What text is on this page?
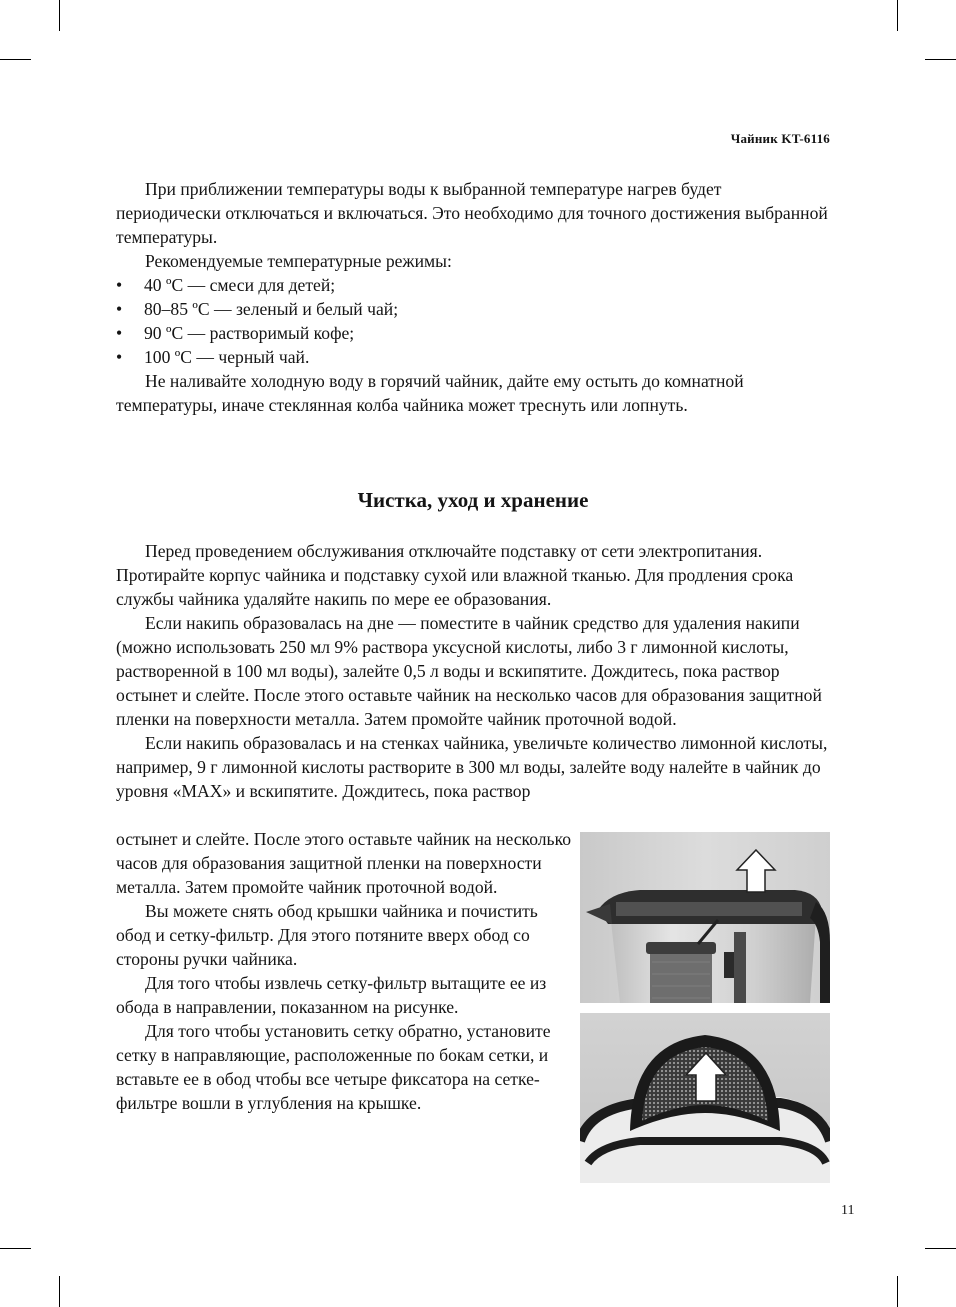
Чайник KT-6116

При приближении температуры воды к выбранной температуре нагрев будет периодически отключаться и включаться. Это необходимо для точного достижения выбранной температуры.

Рекомендуемые температурные режимы:

• 40 ºС — смеси для детей;
• 80–85 ºС — зеленый и белый чай;
• 90 ºС — растворимый кофе;
• 100 ºС — черный чай.

Не наливайте холодную воду в горячий чайник, дайте ему остыть до комнатной температуры, иначе стеклянная колба чайника может треснуть или лопнуть.

Чистка, уход и хранение

Перед проведением обслуживания отключайте подставку от сети электропитания. Протирайте корпус чайника и подставку сухой или влажной тканью. Для продления срока службы чайника удаляйте накипь по мере ее образования.

Если накипь образовалась на дне — поместите в чайник средство для удаления накипи (можно использовать 250 мл 9% раствора уксусной кислоты, либо 3 г лимонной кислоты, растворенной в 100 мл воды), залейте 0,5 л воды и вскипятите. Дождитесь, пока раствор остынет и слейте. После этого оставьте чайник на несколько часов для образования защитной пленки на поверхности металла. Затем промойте чайник проточной водой.

Если накипь образовалась и на стенках чайника, увеличьте количество лимонной кислоты, например, 9 г лимонной кислоты растворите в 300 мл воды, залейте воду налейте в чайник до уровня «MAX» и вскипятите. Дождитесь, пока раствор

остынет и слейте. После этого оставьте чайник на несколько часов для образования защитной пленки на поверхности металла. Затем промойте чайник проточной водой.

Вы можете снять обод крышки чайника и почистить обод и сетку-фильтр. Для этого потяните вверх обод со стороны ручки чайника.

Для того чтобы извлечь сетку-фильтр вытащите ее из обода в направлении, показанном на рисунке.

Для того чтобы установить сетку обратно, установите сетку в направляющие, расположенные по бокам сетки, и вставьте ее в обод чтобы все четыре фиксатора на сетке-фильтре вошли в углубления на крышке.

11
